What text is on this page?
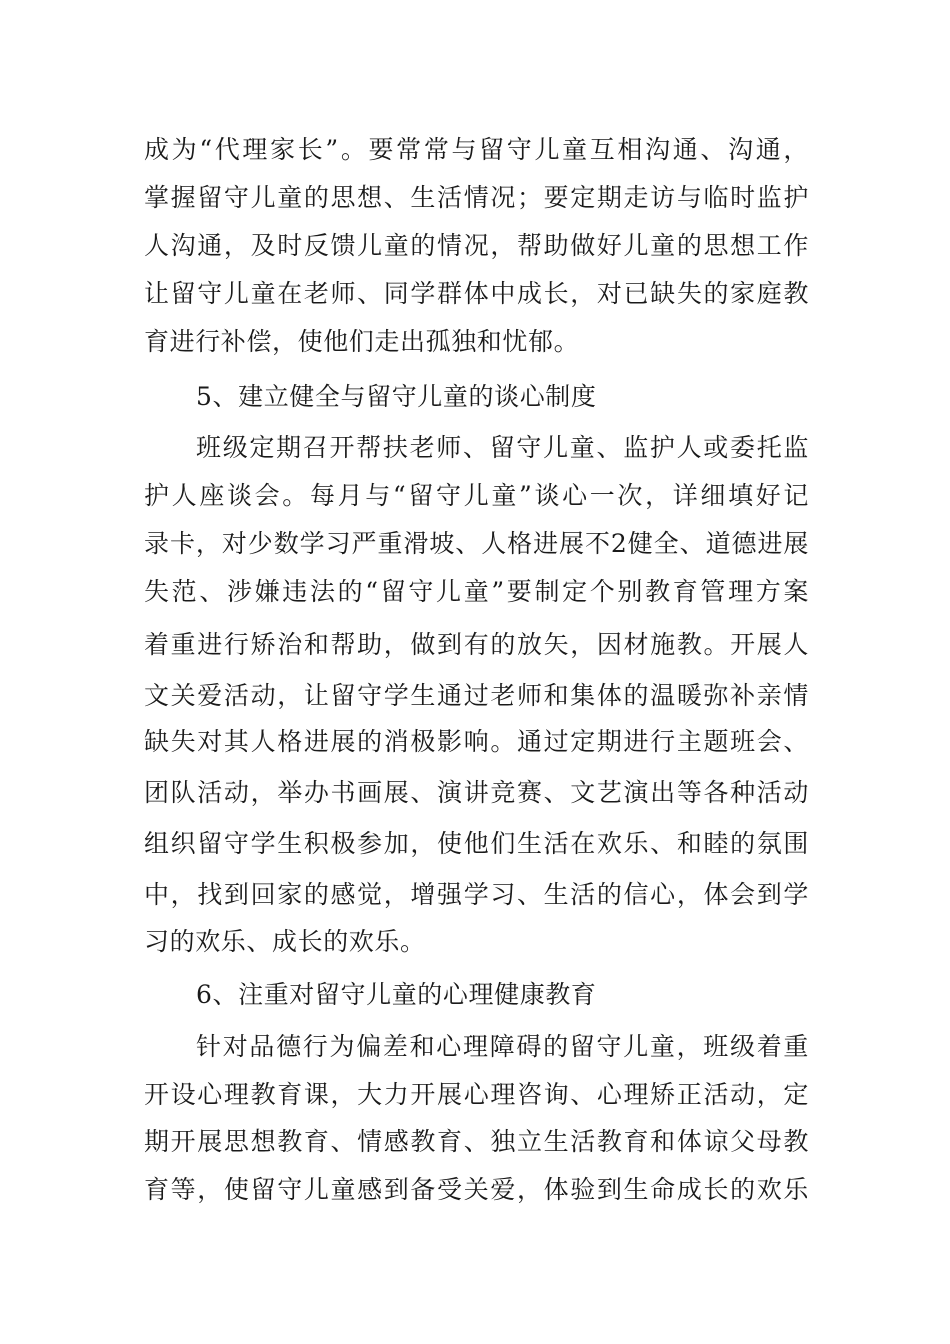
成为“代理家长”。要常常与留守儿童互相沟通、沟通，
掌握留守儿童的思想、生活情况；要定期走访与临时监护
人沟通，及时反馈儿童的情况，帮助做好儿童的思想工作
让留守儿童在老师、同学群体中成长，对已缺失的家庭教
育进行补偿，使他们走出孤独和忧郁。
5、建立健全与留守儿童的谈心制度
班级定期召开帮扶老师、留守儿童、监护人或委托监
护人座谈会。每月与“留守儿童”谈心一次，详细填好记
录卡，对少数学习严重滑坡、人格进展不2健全、道德进展
失范、涉嫌违法的“留守儿童”要制定个别教育管理方案
着重进行矫治和帮助，做到有的放矢，因材施教。开展人
文关爱活动，让留守学生通过老师和集体的温暖弥补亲情
缺失对其人格进展的消极影响。通过定期进行主题班会、
团队活动，举办书画展、演讲竞赛、文艺演出等各种活动
组织留守学生积极参加，使他们生活在欢乐、和睦的氛围
中，找到回家的感觉，增强学习、生活的信心，体会到学
习的欢乐、成长的欢乐。
6、注重对留守儿童的心理健康教育
针对品德行为偏差和心理障碍的留守儿童，班级着重
开设心理教育课，大力开展心理咨询、心理矫正活动，定
期开展思想教育、情感教育、独立生活教育和体谅父母教
育等，使留守儿童感到备受关爱，体验到生命成长的欢乐
